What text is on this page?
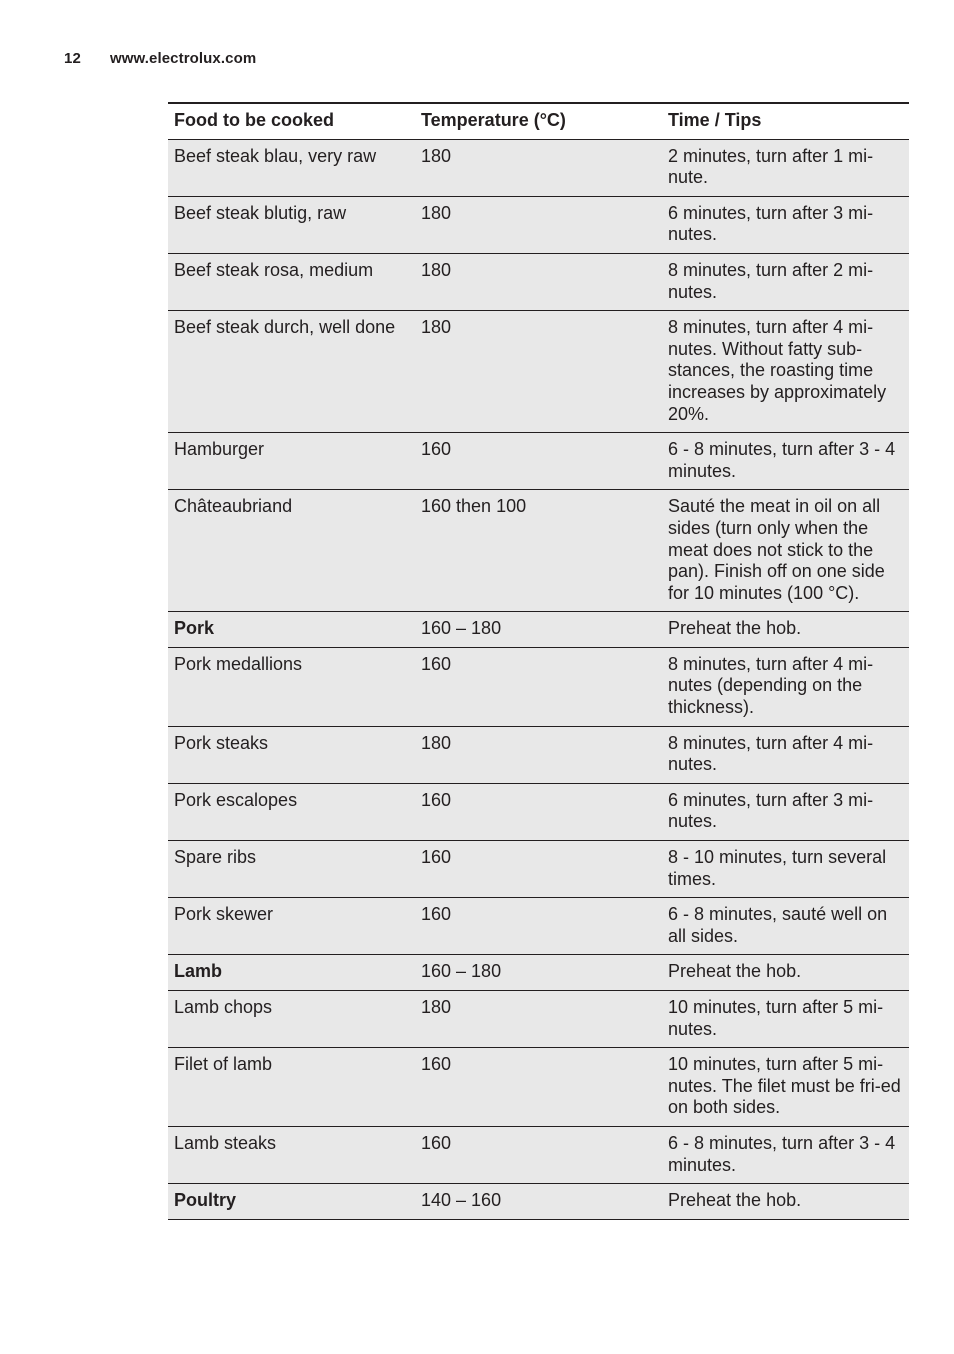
12 www.electrolux.com
Food to be cooked	Temperature (°C)	Time / Tips
Beef steak blau, very raw	180	2 minutes, turn after 1 mi-nute.
Beef steak blutig, raw	180	6 minutes, turn after 3 mi-nutes.
Beef steak rosa, medium	180	8 minutes, turn after 2 mi-nutes.
Beef steak durch, well done	180	8 minutes, turn after 4 mi-nutes. Without fatty sub-stances, the roasting time increases by approximately 20%.
Hamburger	160	6 - 8 minutes, turn after 3 - 4 minutes.
Châteaubriand	160 then 100	Sauté the meat in oil on all sides (turn only when the meat does not stick to the pan). Finish off on one side for 10 minutes (100 °C).
Pork	160 – 180	Preheat the hob.
Pork medallions	160	8 minutes, turn after 4 mi-nutes (depending on the thickness).
Pork steaks	180	8 minutes, turn after 4 mi-nutes.
Pork escalopes	160	6 minutes, turn after 3 mi-nutes.
Spare ribs	160	8 - 10 minutes, turn several times.
Pork skewer	160	6 - 8 minutes, sauté well on all sides.
Lamb	160 – 180	Preheat the hob.
Lamb chops	180	10 minutes, turn after 5 mi-nutes.
Filet of lamb	160	10 minutes, turn after 5 mi-nutes. The filet must be fri-ed on both sides.
Lamb steaks	160	6 - 8 minutes, turn after 3 - 4 minutes.
Poultry	140 – 160	Preheat the hob.
